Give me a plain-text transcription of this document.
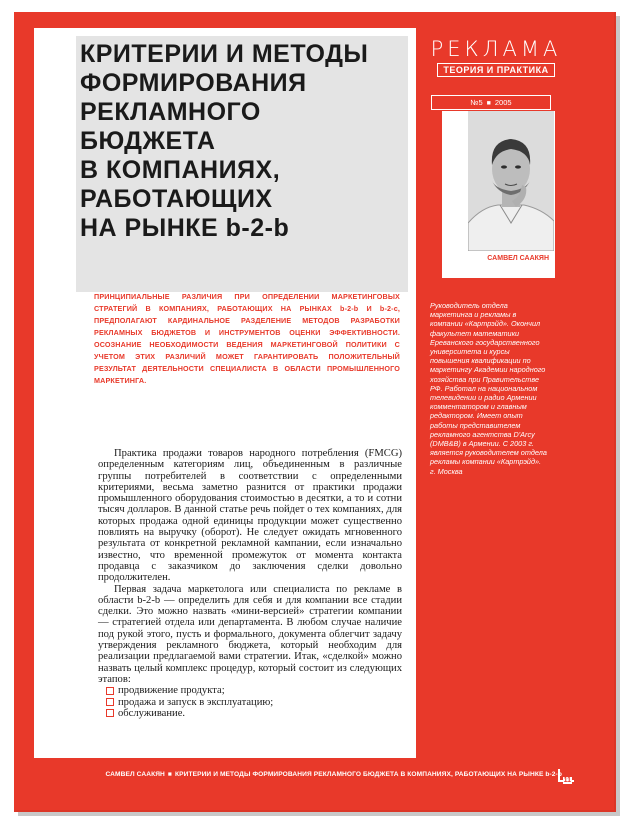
КРИТЕРИИ И МЕТОДЫ
ФОРМИРОВАНИЯ
РЕКЛАМНОГО БЮДЖЕТА
В КОМПАНИЯХ,
РАБОТАЮЩИХ
НА РЫНКЕ b-2-b

ПРИНЦИПИАЛЬНЫЕ РАЗЛИЧИЯ ПРИ ОПРЕДЕЛЕНИИ МАРКЕТИНГОВЫХ СТРАТЕГИЙ В КОМПАНИЯХ, РАБОТАЮЩИХ НА РЫНКАХ b-2-b И b-2-c, ПРЕДПОЛАГАЮТ КАРДИНАЛЬНОЕ РАЗДЕЛЕНИЕ МЕТОДОВ РАЗРАБОТКИ РЕКЛАМНЫХ БЮДЖЕТОВ И ИНСТРУМЕНТОВ ОЦЕНКИ ЭФФЕКТИВНОСТИ. ОСОЗНАНИЕ НЕОБХОДИМОСТИ ВЕДЕНИЯ МАРКЕТИНГОВОЙ ПОЛИТИКИ С УЧЕТОМ ЭТИХ РАЗЛИЧИЙ МОЖЕТ ГАРАНТИРОВАТЬ ПОЛОЖИТЕЛЬНЫЙ РЕЗУЛЬТАТ ДЕЯТЕЛЬНОСТИ СПЕЦИАЛИСТА В ОБЛАСТИ ПРОМЫШЛЕННОГО МАРКЕТИНГА.

Практика продажи товаров народного потребления (FMCG) определенным категориям лиц, объединенным в различные группы потребителей в соответствии с определенными критериями, весьма заметно разнится от практики продажи промышленного оборудования стоимостью в десятки, а то и сотни тысяч долларов. В данной статье речь пойдет о тех компаниях, для которых продажа одной единицы продукции может существенно повлиять на выручку (оборот). Не следует ожидать мгновенного результата от конкретной рекламной кампании, если изначально известно, что временной промежуток от момента контакта продавца с заказчиком до заключения сделки довольно продолжителен.

Первая задача маркетолога или специалиста по рекламе в области b-2-b — определить для себя и для компании все стадии сделки. Это можно назвать «мини-версией» стратегии компании — стратегией отдела или департамента. В любом случае наличие под рукой этого, пусть и формального, документа облегчит задачу утверждения рекламного бюджета, который необходим для реализации предлагаемой вами стратегии. Итак, «сделкой» можно назвать целый комплекс процедур, который состоит из следующих этапов:

продвижение продукта;
продажа и запуск в эксплуатацию;
обслуживание.
РЕКЛАМА
ТЕОРИЯ И ПРАКТИКА
№5 ■ 2005
САМВЕЛ СААКЯН

Руководитель отдела маркетинга и рекламы в компании «Картрэйд». Окончил факультет математики Ереванского государственного университета и курсы повышения квалификации по маркетингу Академии народного хозяйства при Правительстве РФ. Работал на национальном телевидении и радио Армении комментатором и главным редактором. Имеет опыт работы представителем рекламного агентства D'Arcy (DMB&B) в Армении. С 2003 г. является руководителем отдела рекламы компании «Картрэйд». г. Москва

САМВЕЛ СААКЯН ■ КРИТЕРИИ И МЕТОДЫ ФОРМИРОВАНИЯ РЕКЛАМНОГО БЮДЖЕТА В КОМПАНИЯХ, РАБОТАЮЩИХ НА РЫНКЕ b-2-b
11
